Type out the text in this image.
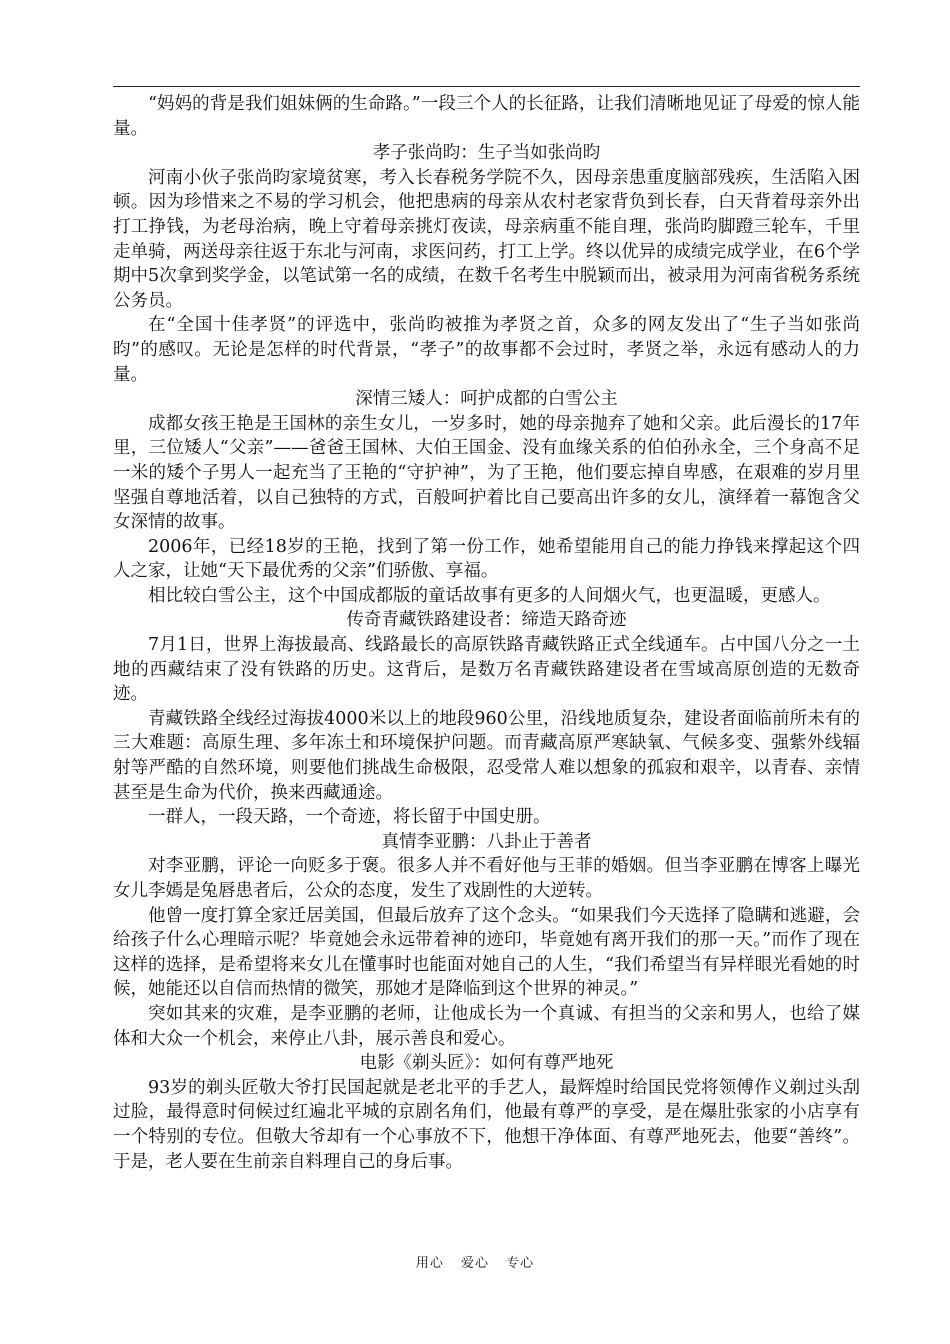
“妈妈的背是我们姐妹俩的生命路。”一段三个人的长征路，让我们清晰地见证了母爱的惊人能量。

孝子张尚昀：生子当如张尚昀

河南小伙子张尚昀家境贫寒，考入长春税务学院不久，因母亲患重度脑部残疾，生活陷入困顿。因为珍惜来之不易的学习机会，他把患病的母亲从农村老家背负到长春，白天背着母亲外出打工挣钱，为老母治病，晚上守着母亲挑灯夜读，母亲病重不能自理，张尚昀脚蹬三轮车，千里走单骑，两送母亲往返于东北与河南，求医问药，打工上学。终以优异的成绩完成学业，在6个学期中5次拿到奖学金，以笔试第一名的成绩，在数千名考生中脱颖而出，被录用为河南省税务系统公务员。

在“全国十佳孝贤”的评选中，张尚昀被推为孝贤之首，众多的网友发出了“生子当如张尚昀”的感叹。无论是怎样的时代背景，“孝子”的故事都不会过时，孝贤之举，永远有感动人的力量。

深情三矮人：呵护成都的白雪公主

成都女孩王艳是王国林的亲生女儿，一岁多时，她的母亲抛弃了她和父亲。此后漫长的17年里，三位矮人“父亲”——爸爸王国林、大伯王国金、没有血缘关系的伯伯孙永全，三个身高不足一米的矮个子男人一起充当了王艳的“守护神”，为了王艳，他们要忘掉自卑感，在艰难的岁月里坚强自尊地活着，以自己独特的方式，百般呵护着比自己要高出许多的女儿，演绎着一幕饱含父女深情的故事。

2006年，已经18岁的王艳，找到了第一份工作，她希望能用自己的能力挣钱来撑起这个四人之家，让她“天下最优秀的父亲”们骄傲、享福。

相比较白雪公主，这个中国成都版的童话故事有更多的人间烟火气，也更温暖，更感人。

传奇青藏铁路建设者：缔造天路奇迹

7月1日，世界上海拔最高、线路最长的高原铁路青藏铁路正式全线通车。占中国八分之一土地的西藏结束了没有铁路的历史。这背后，是数万名青藏铁路建设者在雪域高原创造的无数奇迹。

青藏铁路全线经过海拔4000米以上的地段960公里，沿线地质复杂，建设者面临前所未有的三大难题：高原生理、多年冻土和环境保护问题。而青藏高原严寒缺氧、气候多变、强紫外线辐射等严酷的自然环境，则要他们挑战生命极限，忍受常人难以想象的孤寂和艰辛，以青春、亲情甚至是生命为代价，换来西藏通途。

一群人，一段天路，一个奇迹，将长留于中国史册。

真情李亚鹏：八卦止于善者

对李亚鹏，评论一向贬多于褒。很多人并不看好他与王菲的婚姻。但当李亚鹏在博客上曝光女儿李嫣是兔唇患者后，公众的态度，发生了戏剧性的大逆转。

他曾一度打算全家迁居美国，但最后放弃了这个念头。“如果我们今天选择了隐瞒和逃避，会给孩子什么心理暗示呢？毕竟她会永远带着神的迹印，毕竟她有离开我们的那一天。”而作了现在这样的选择，是希望将来女儿在懂事时也能面对她自己的人生，“我们希望当有异样眼光看她的时候，她能还以自信而热情的微笑，那她才是降临到这个世界的神灵。”

突如其来的灾难，是李亚鹏的老师，让他成长为一个真诚、有担当的父亲和男人，也给了媒体和大众一个机会，来停止八卦，展示善良和爱心。

电影《剃头匠》：如何有尊严地死

93岁的剃头匠敬大爷打民国起就是老北平的手艺人，最辉煌时给国民党将领傅作义剃过头刮过脸，最得意时伺候过红遍北平城的京剧名角们，他最有尊严的享受，是在爆肚张家的小店享有一个特别的专位。但敬大爷却有一个心事放不下，他想干净体面、有尊严地死去，他要“善终”。于是，老人要在生前亲自料理自己的身后事。

用心 爱心 专心
